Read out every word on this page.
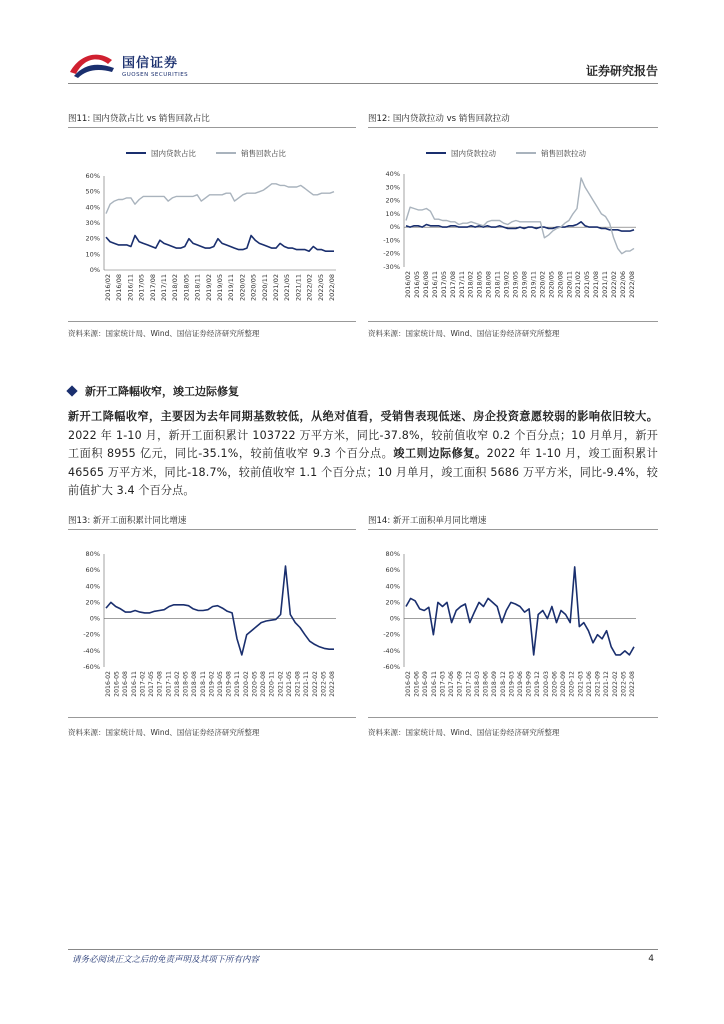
国信证券
GUOSEN SECURITIES	证券研究报告
图11: 国内贷款占比 vs 销售回款占比
60%
50%
40%
30%
20%
10%
0%
2016/02 2016/08 2016/11 2017/05 2017/08 2017/11 2018/02 2018/05 2018/11 2019/02 2019/05 2019/11 2020/02 2020/05 2020/11 2021/02 2021/05 2021/11 2022/02 2022/05 2022/08
国内贷款占比	销售回款占比
资料来源：国家统计局、Wind、国信证券经济研究所整理
图12: 国内贷款拉动 vs 销售回款拉动
40%
30%
20%
10%
0%
-10%
-20%
-30%
2016/02 2016/05 2016/08 2016/11 2017/05 2017/08 2017/11 2018/02 2018/05 2018/08 2018/11 2019/02 2019/05 2019/08 2019/11 2020/02 2020/05 2020/08 2020/11 2021/02 2021/05 2021/08 2021/11 2022/02 2022/06 2022/08
国内贷款拉动	销售回款拉动
资料来源：国家统计局、Wind、国信证券经济研究所整理
新开工降幅收窄，竣工边际修复
新开工降幅收窄，主要因为去年同期基数较低，从绝对值看，受销售表现低迷、房企投资意愿较弱的影响依旧较大。2022 年 1-10 月，新开工面积累计 103722 万平方米，同比-37.8%，较前值收窄 0.2 个百分点；10 月单月，新开工面积 8955 亿元，同比-35.1%，较前值收窄 9.3 个百分点。竣工则边际修复。2022 年 1-10 月，竣工面积累计 46565 万平方米，同比-18.7%，较前值收窄 1.1 个百分点；10 月单月，竣工面积 5686 万平方米，同比-9.4%，较前值扩大 3.4 个百分点。
图13: 新开工面积累计同比增速
80%
60%
40%
20%
0%
-20%
-40%
-60%
2016-02 2016-05 2016-08 2016-11 2017-02 2017-05 2017-08 2017-11 2018-02 2018-05 2018-08 2018-11 2019-02 2019-05 2019-08 2019-11 2020-02 2020-05 2020-08 2020-11 2021-02 2021-05 2021-08 2021-11 2022-02 2022-05 2022-08
资料来源：国家统计局、Wind、国信证券经济研究所整理
图14: 新开工面积单月同比增速
80%
60%
40%
20%
0%
-20%
-40%
-60%
2016-02 2016-06 2016-09 2016-11 2017-03 2017-06 2017-09 2017-12 2018-03 2018-06 2018-09 2018-12 2019-03 2019-06 2019-09 2019-12 2020-03 2020-06 2020-09 2020-12 2021-03 2021-06 2021-09 2021-12 2022-02 2022-05 2022-08
资料来源：国家统计局、Wind、国信证券经济研究所整理
请务必阅读正文之后的免责声明及其项下所有内容	4
